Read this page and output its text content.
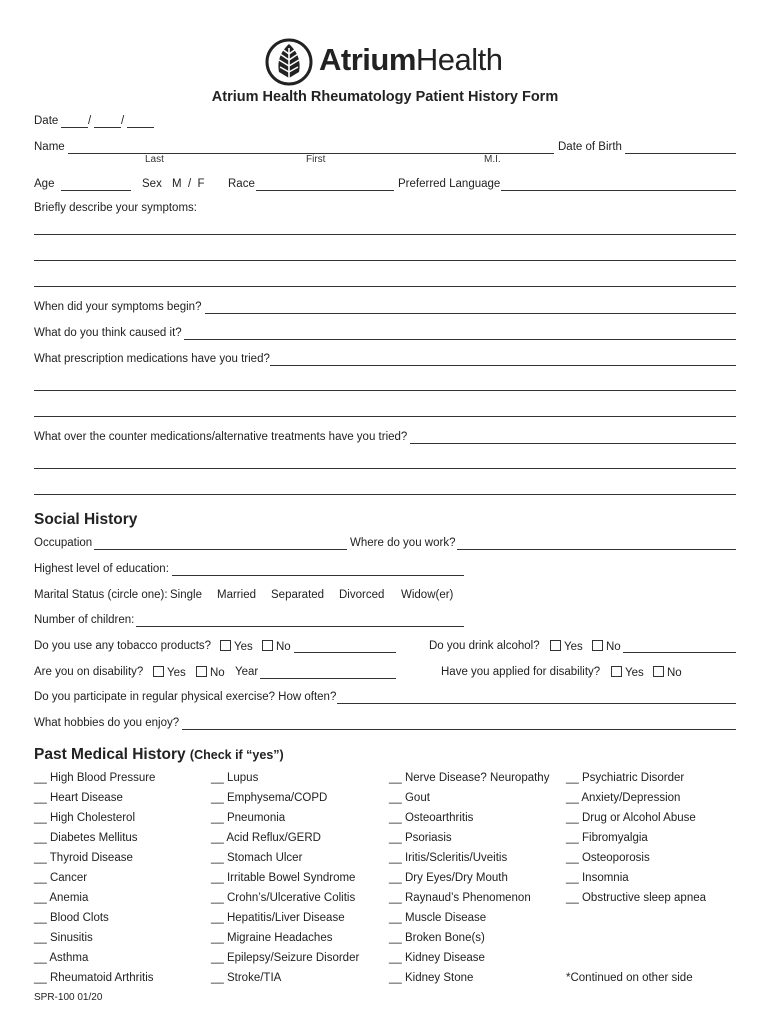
AtriumHealth
Atrium Health Rheumatology Patient History Form
Date	/	/
Name
Last	First	M.I.
Date of Birth
Age	Sex M  /  F Race	Preferred Language
Briefly describe your symptoms:
When did your symptoms begin?
What do you think caused it?
What prescription medications have you tried?
What over the counter medications/alternative treatments have you tried?
Social History
Occupation	Where do you work?
Highest level of education:
Marital Status (circle one): Single Married Separated Divorced Widow(er)
Number of children:
Do you use any tobacco products?	Yes	No	Do you drink alcohol?	Yes	No
Are you on disability?	Yes	No Year	Have you applied for disability?	Yes	No
Do you participate in regular physical exercise? How often?
What hobbies do you enjoy?
Past Medical History (Check if “yes”)
__ High Blood Pressure
__ Heart Disease
__ High Cholesterol
__ Diabetes Mellitus
__ Thyroid Disease
__ Cancer
__ Anemia
__ Blood Clots
__ Sinusitis
__ Asthma
__ Rheumatoid Arthritis
__ Lupus
__ Emphysema/COPD
__ Pneumonia
__ Acid Reflux/GERD
__ Stomach Ulcer
__ Irritable Bowel Syndrome
__ Crohn’s/Ulcerative Colitis
__ Hepatitis/Liver Disease
__ Migraine Headaches
__ Epilepsy/Seizure Disorder
__ Stroke/TIA
__ Nerve Disease? Neuropathy
__ Gout
__ Osteoarthritis
__ Psoriasis
__ Iritis/Scleritis/Uveitis
__ Dry Eyes/Dry Mouth
__ Raynaud’s Phenomenon
__ Muscle Disease
__ Broken Bone(s)
__ Kidney Disease
__ Kidney Stone
__ Psychiatric Disorder
__ Anxiety/Depression
__ Drug or Alcohol Abuse
__ Fibromyalgia
__ Osteoporosis
__ Insomnia
__ Obstructive sleep apnea
*Continued on other side
SPR-100 01/20
